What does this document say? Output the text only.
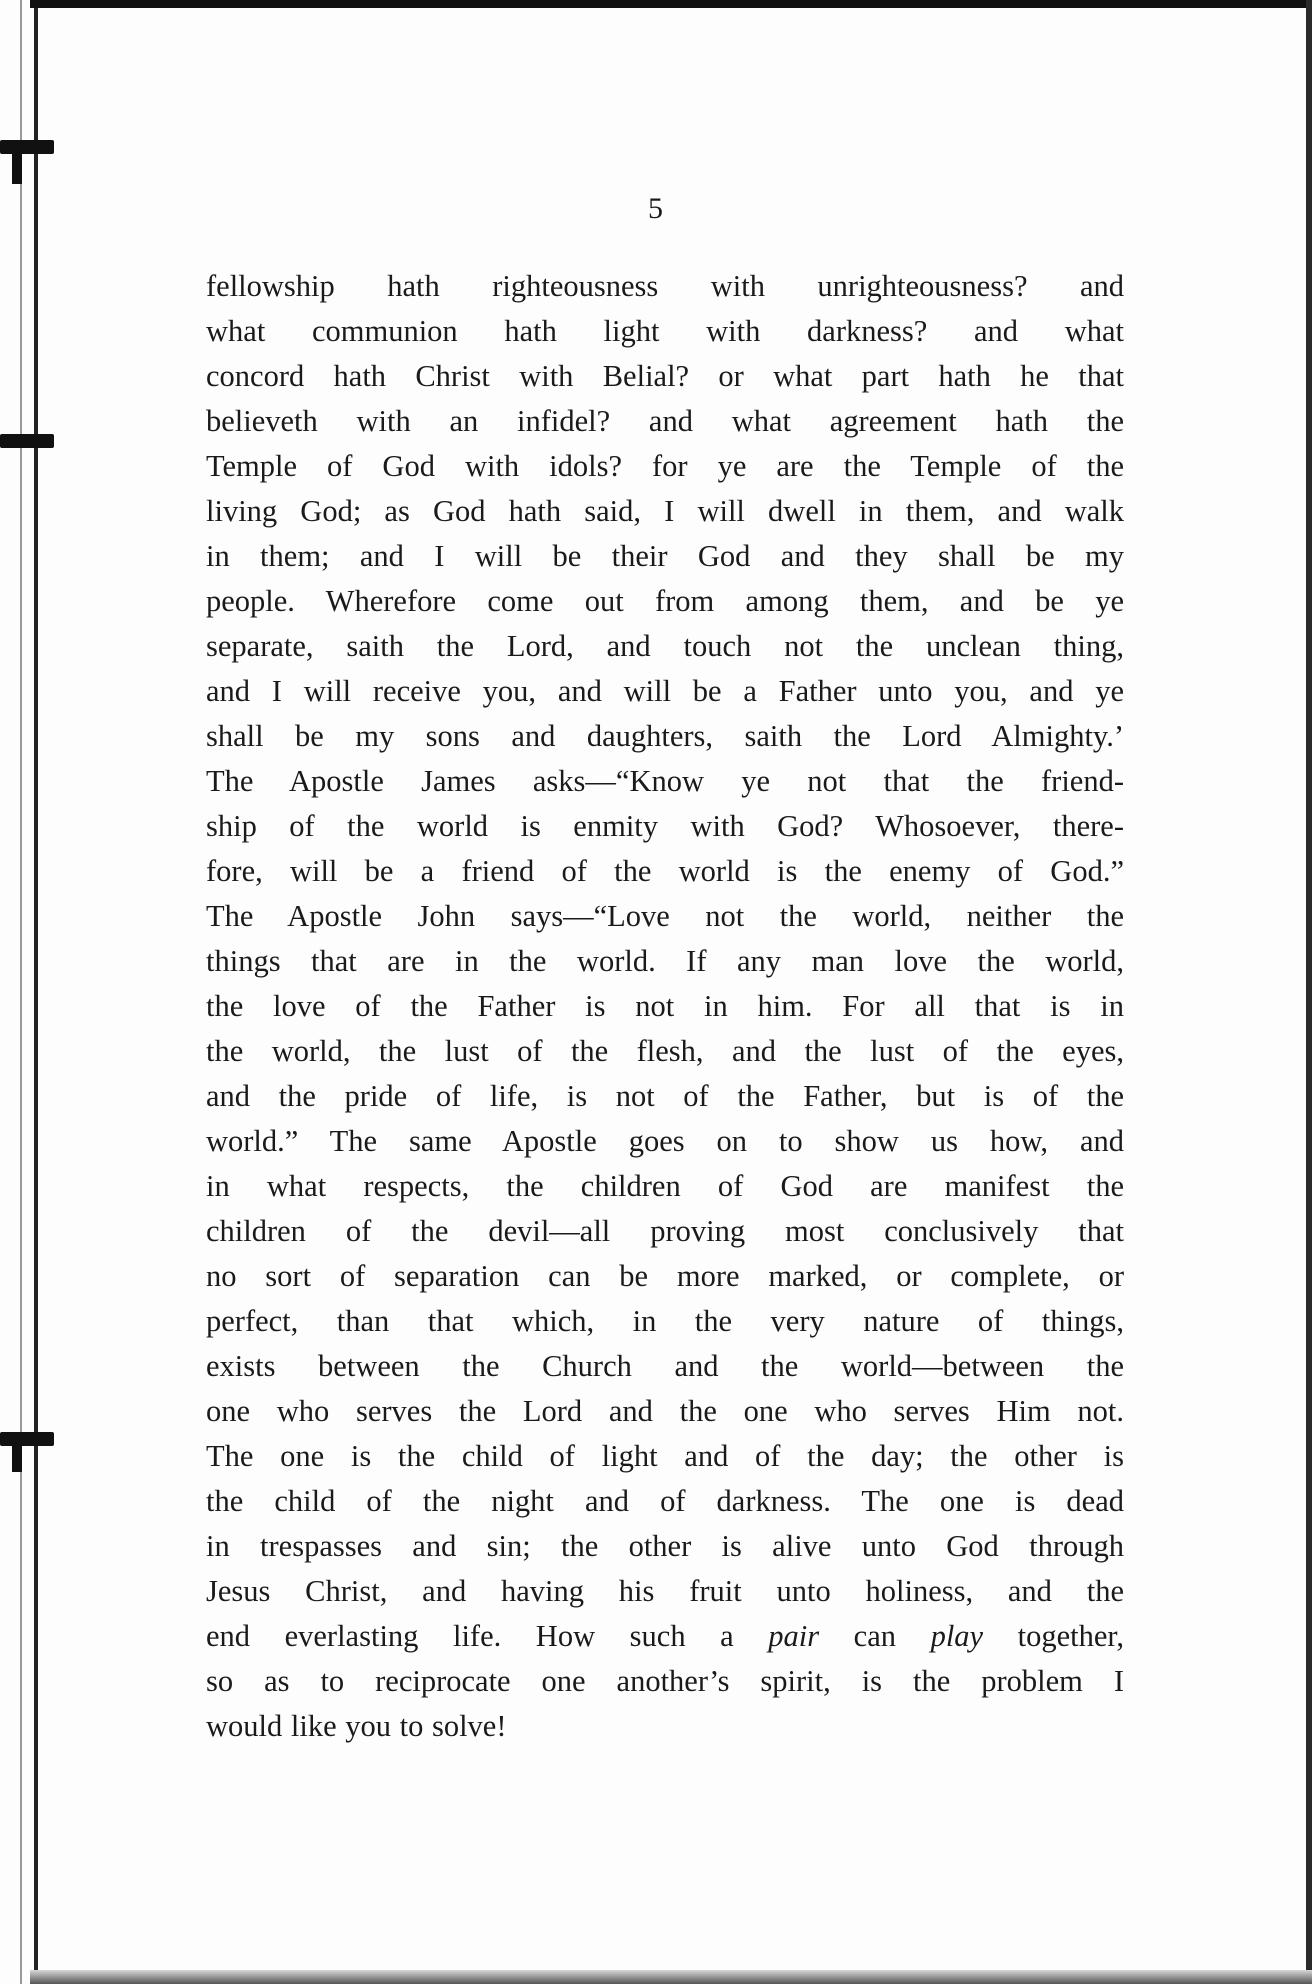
5
fellowship hath righteousness with unrighteousness? and
what communion hath light with darkness? and what
concord hath Christ with Belial? or what part hath he that
believeth with an infidel? and what agreement hath the
Temple of God with idols? for ye are the Temple of the
living God; as God hath said, I will dwell in them, and walk
in them; and I will be their God and they shall be my
people. Wherefore come out from among them, and be ye
separate, saith the Lord, and touch not the unclean thing,
and I will receive you, and will be a Father unto you, and ye
shall be my sons and daughters, saith the Lord Almighty.’
The Apostle James asks—“Know ye not that the friend-
ship of the world is enmity with God? Whosoever, there-
fore, will be a friend of the world is the enemy of God.”
The Apostle John says—“Love not the world, neither the
things that are in the world. If any man love the world,
the love of the Father is not in him. For all that is in
the world, the lust of the flesh, and the lust of the eyes,
and the pride of life, is not of the Father, but is of the
world.” The same Apostle goes on to show us how, and
in what respects, the children of God are manifest the
children of the devil—all proving most conclusively that
no sort of separation can be more marked, or complete, or
perfect, than that which, in the very nature of things,
exists between the Church and the world—between the
one who serves the Lord and the one who serves Him not.
The one is the child of light and of the day; the other is
the child of the night and of darkness. The one is dead
in trespasses and sin; the other is alive unto God through
Jesus Christ, and having his fruit unto holiness, and the
end everlasting life. How such a pair can play together,
so as to reciprocate one another’s spirit, is the problem I
would like you to solve!
